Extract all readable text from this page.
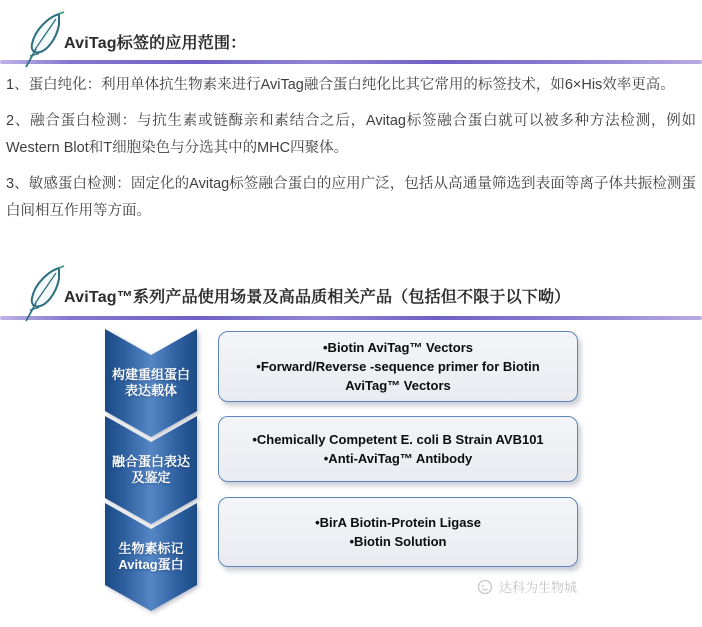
AviTag标签的应用范围：

1、蛋白纯化：利用单体抗生物素来进行AviTag融合蛋白纯化比其它常用的标签技术，如6×His效率更高。

2、融合蛋白检测：与抗生素或链酶亲和素结合之后，Avitag标签融合蛋白就可以被多种方法检测，例如Western Blot和T细胞染色与分选其中的MHC四聚体。

3、敏感蛋白检测：固定化的Avitag标签融合蛋白的应用广泛，包括从高通量筛选到表面等离子体共振检测蛋白间相互作用等方面。

AviTag™系列产品使用场景及高品质相关产品（包括但不限于以下呦）
构建重组蛋白
表达载体
融合蛋白表达
及鉴定
生物素标记
Avitag蛋白
•Biotin AviTag™ Vectors
•Forward/Reverse -sequence primer for Biotin AviTag™ Vectors
•Chemically Competent E. coli B Strain AVB101
•Anti-AviTag™ Antibody
•BirA Biotin-Protein Ligase
•Biotin Solution
达科为生物城
